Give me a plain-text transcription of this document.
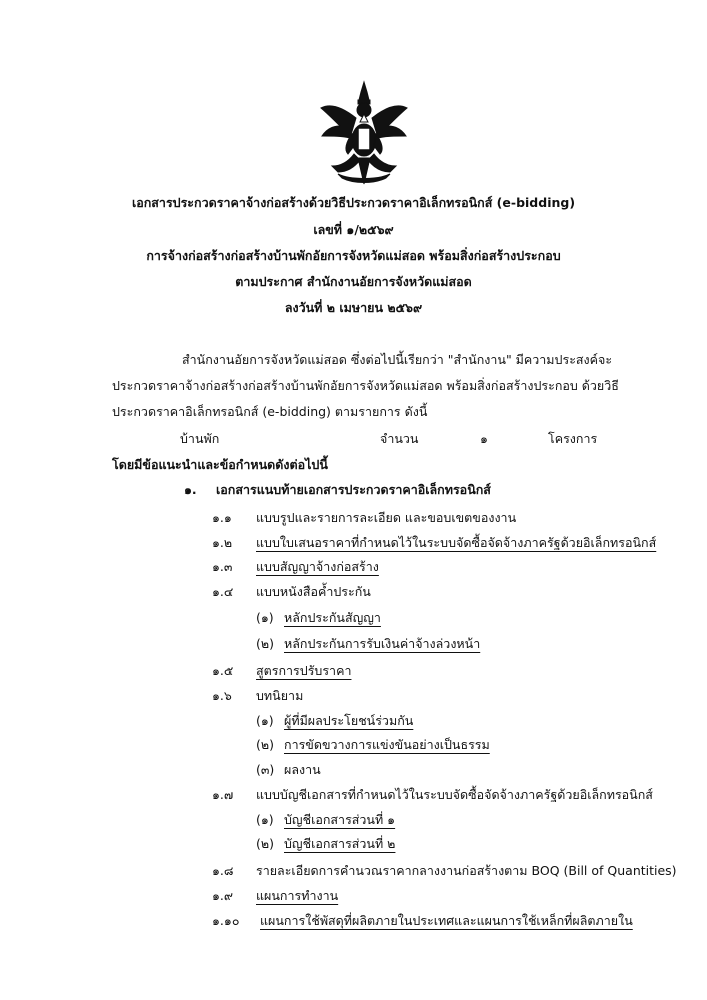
เอกสารประกวดราคาจ้างก่อสร้างด้วยวิธีประกวดราคาอิเล็กทรอนิกส์ (e-bidding)
เลขที่ ๑/๒๕๖๙
การจ้างก่อสร้างก่อสร้างบ้านพักอัยการจังหวัดแม่สอด พร้อมสิ่งก่อสร้างประกอบ
ตามประกาศ สำนักงานอัยการจังหวัดแม่สอด
ลงวันที่ ๒ เมษายน ๒๕๖๙
สำนักงานอัยการจังหวัดแม่สอด ซึ่งต่อไปนี้เรียกว่า "สำนักงาน" มีความประสงค์จะ
ประกวดราคาจ้างก่อสร้างก่อสร้างบ้านพักอัยการจังหวัดแม่สอด พร้อมสิ่งก่อสร้างประกอบ ด้วยวิธี
ประกวดราคาอิเล็กทรอนิกส์ (e-bidding) ตามรายการ ดังนี้
บ้านพัก	จำนวน	๑	โครงการ
โดยมีข้อแนะนำและข้อกำหนดดังต่อไปนี้
๑. เอกสารแนบท้ายเอกสารประกวดราคาอิเล็กทรอนิกส์
๑.๑ แบบรูปและรายการละเอียด และขอบเขตของงาน
๑.๒ แบบใบเสนอราคาที่กำหนดไว้ในระบบจัดซื้อจัดจ้างภาครัฐด้วยอิเล็กทรอนิกส์
๑.๓ แบบสัญญาจ้างก่อสร้าง
๑.๔ แบบหนังสือค้ำประกัน
(๑) หลักประกันสัญญา
(๒) หลักประกันการรับเงินค่าจ้างล่วงหน้า
๑.๕ สูตรการปรับราคา
๑.๖ บทนิยาม
(๑) ผู้ที่มีผลประโยชน์ร่วมกัน
(๒) การขัดขวางการแข่งขันอย่างเป็นธรรม
(๓) ผลงาน
๑.๗ แบบบัญชีเอกสารที่กำหนดไว้ในระบบจัดซื้อจัดจ้างภาครัฐด้วยอิเล็กทรอนิกส์
(๑) บัญชีเอกสารส่วนที่ ๑
(๒) บัญชีเอกสารส่วนที่ ๒
๑.๘ รายละเอียดการคำนวณราคากลางงานก่อสร้างตาม BOQ (Bill of Quantities)
๑.๙ แผนการทำงาน
๑.๑๐ แผนการใช้พัสดุที่ผลิตภายในประเทศและแผนการใช้เหล็กที่ผลิตภายใน
